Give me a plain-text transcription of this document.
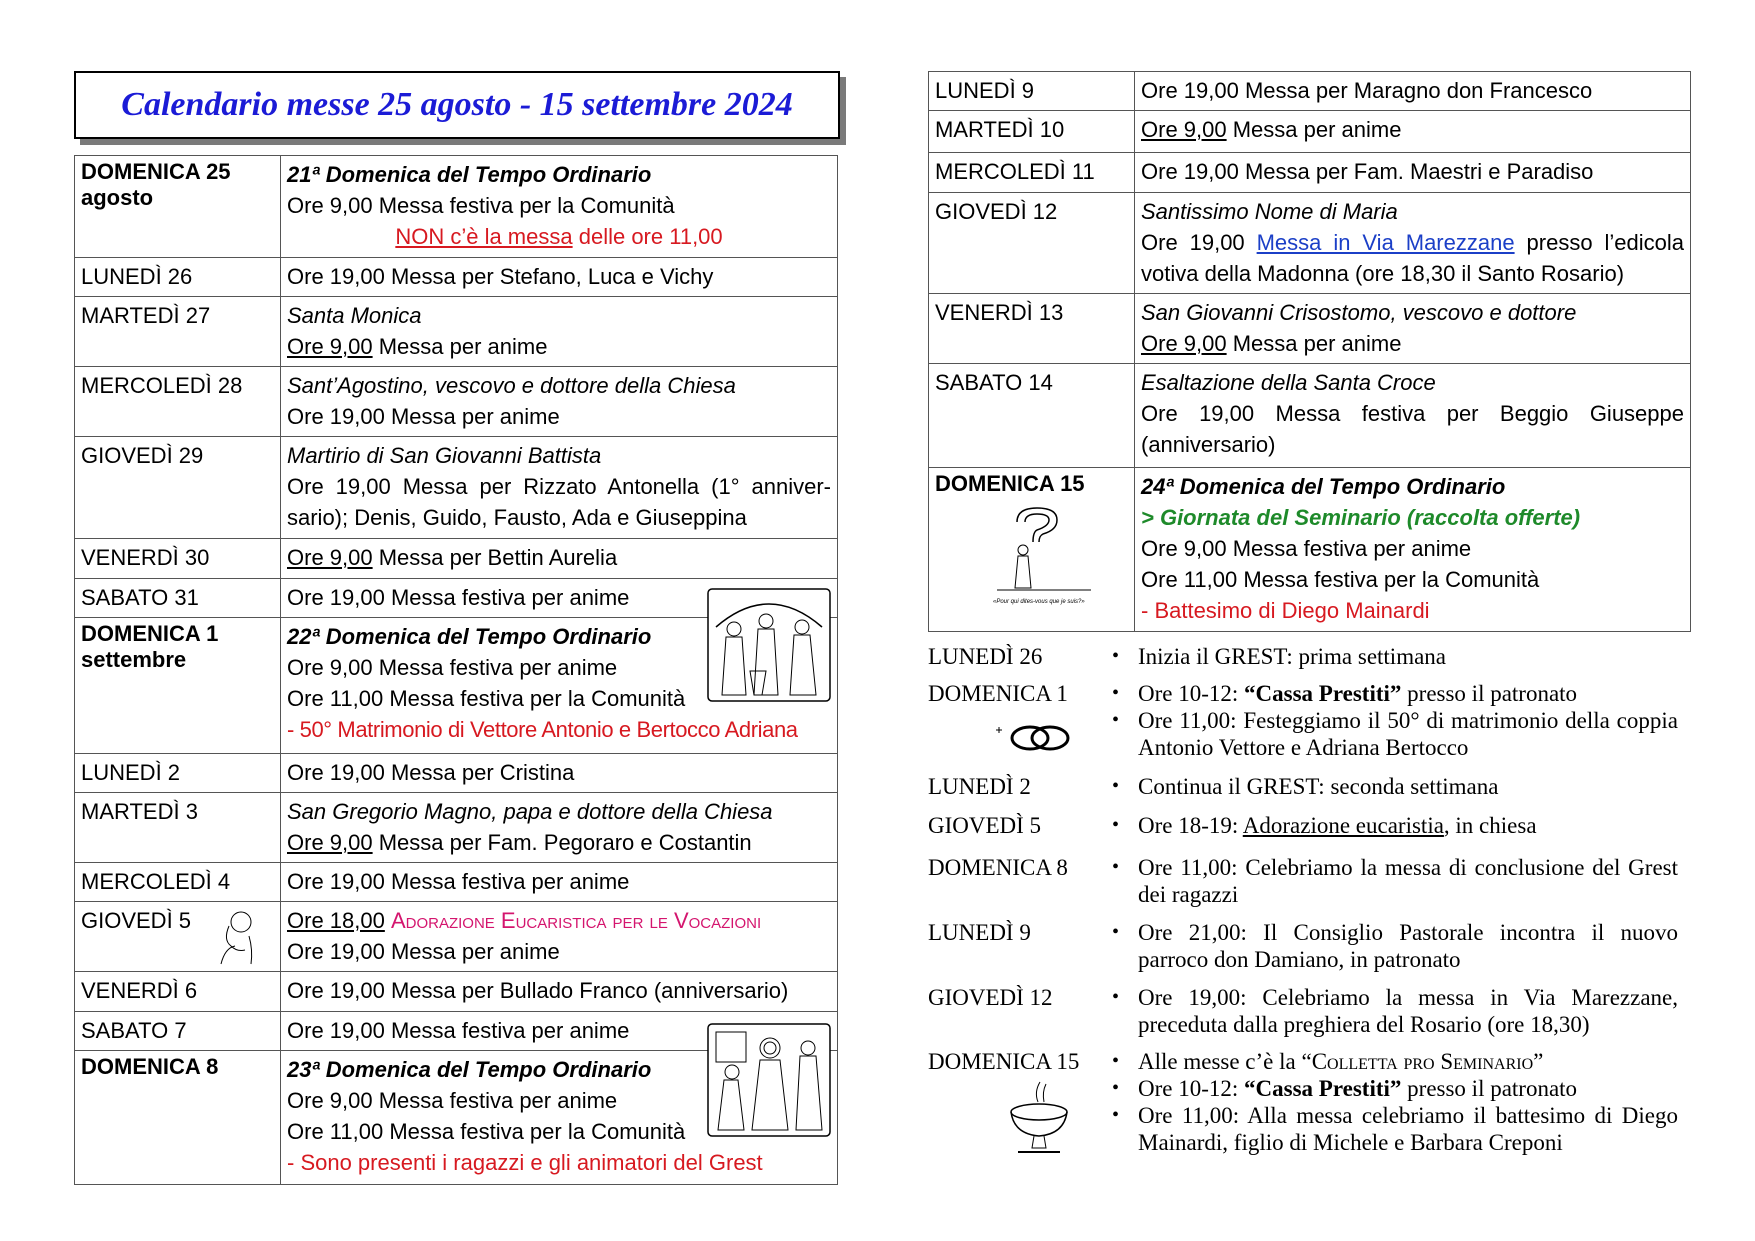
Calendario messe 25 agosto - 15 settembre 2024
DOMENICA 25
agosto	21ª Domenica del Tempo Ordinario
Ore 9,00 Messa festiva per la Comunità
NON c’è la messa delle ore 11,00

LUNEDÌ 26	Ore 19,00 Messa per Stefano, Luca e Vichy
MARTEDÌ 27	Santa Monica
Ore 9,00 Messa per anime

MERCOLEDÌ 28	Sant’Agostino, vescovo e dottore della Chiesa
Ore 19,00 Messa per anime

GIOVEDÌ 29	Martirio di San Giovanni Battista
Ore 19,00 Messa per Rizzato Antonella (1° anniver-sario); Denis, Guido, Fausto, Ada e Giuseppina

VENERDÌ 30	Ore 9,00 Messa per Bettin Aurelia
SABATO 31	Ore 19,00 Messa festiva per anime

DOMENICA 1
settembre	22ª Domenica del Tempo Ordinario
Ore 9,00 Messa festiva per anime
Ore 11,00 Messa festiva per la Comunità
- 50° Matrimonio di Vettore Antonio e Bertocco Adriana

LUNEDÌ 2	Ore 19,00 Messa per Cristina
MARTEDÌ 3	San Gregorio Magno, papa e dottore della Chiesa
Ore 9,00 Messa per Fam. Pegoraro e Costantin

MERCOLEDÌ 4	Ore 19,00 Messa festiva per anime
GIOVEDÌ 5	Ore 18,00 Adorazione Eucaristica per le Vocazioni
Ore 19,00 Messa per anime

VENERDÌ 6	Ore 19,00 Messa per Bullado Franco (anniversario)
SABATO 7	Ore 19,00 Messa festiva per anime

DOMENICA 8	23ª Domenica del Tempo Ordinario
Ore 9,00 Messa festiva per anime
Ore 11,00 Messa festiva per la Comunità
- Sono presenti i ragazzi e gli animatori del Grest
LUNEDÌ 9	Ore 19,00 Messa per Maragno don Francesco
MARTEDÌ 10	Ore 9,00 Messa per anime
MERCOLEDÌ 11	Ore 19,00 Messa per Fam. Maestri e Paradiso
GIOVEDÌ 12	Santissimo Nome di Maria
Ore 19,00 Messa in Via Marezzane presso l’edicola votiva della Madonna (ore 18,30 il Santo Rosario)

VENERDÌ 13	San Giovanni Crisostomo, vescovo e dottore
Ore 9,00 Messa per anime

SABATO 14	Esaltazione della Santa Croce
Ore 19,00 Messa festiva per Beggio Giuseppe (anniversario)

DOMENICA 15
«Pour qui dites-vous que je suis?»	24ª Domenica del Tempo Ordinario
> Giornata del Seminario (raccolta offerte)
Ore 9,00 Messa festiva per anime
Ore 11,00 Messa festiva per la Comunità
- Battesimo di Diego Mainardi
LUNEDÌ 26	• Inizia il GREST: prima settimana
DOMENICA 1	• Ore 10-12: “Cassa Prestiti” presso il patronato
• Ore 11,00: Festeggiamo il 50° di matrimonio della coppia Antonio Vettore e Adriana Bertocco
LUNEDÌ 2	• Continua il GREST: seconda settimana
GIOVEDÌ 5	• Ore 18-19: Adorazione eucaristia, in chiesa
DOMENICA 8	• Ore 11,00: Celebriamo la messa di conclusione del Grest dei ragazzi
LUNEDÌ 9	• Ore 21,00: Il Consiglio Pastorale incontra il nuovo parroco don Damiano, in patronato
GIOVEDÌ 12	• Ore 19,00: Celebriamo la messa in Via Marezzane, preceduta dalla preghiera del Rosario (ore 18,30)
DOMENICA 15	• Alle messe c’è la “Colletta pro Seminario”
• Ore 10-12: “Cassa Prestiti” presso il patronato
• Ore 11,00: Alla messa celebriamo il battesimo di Diego Mainardi, figlio di Michele e Barbara Creponi
